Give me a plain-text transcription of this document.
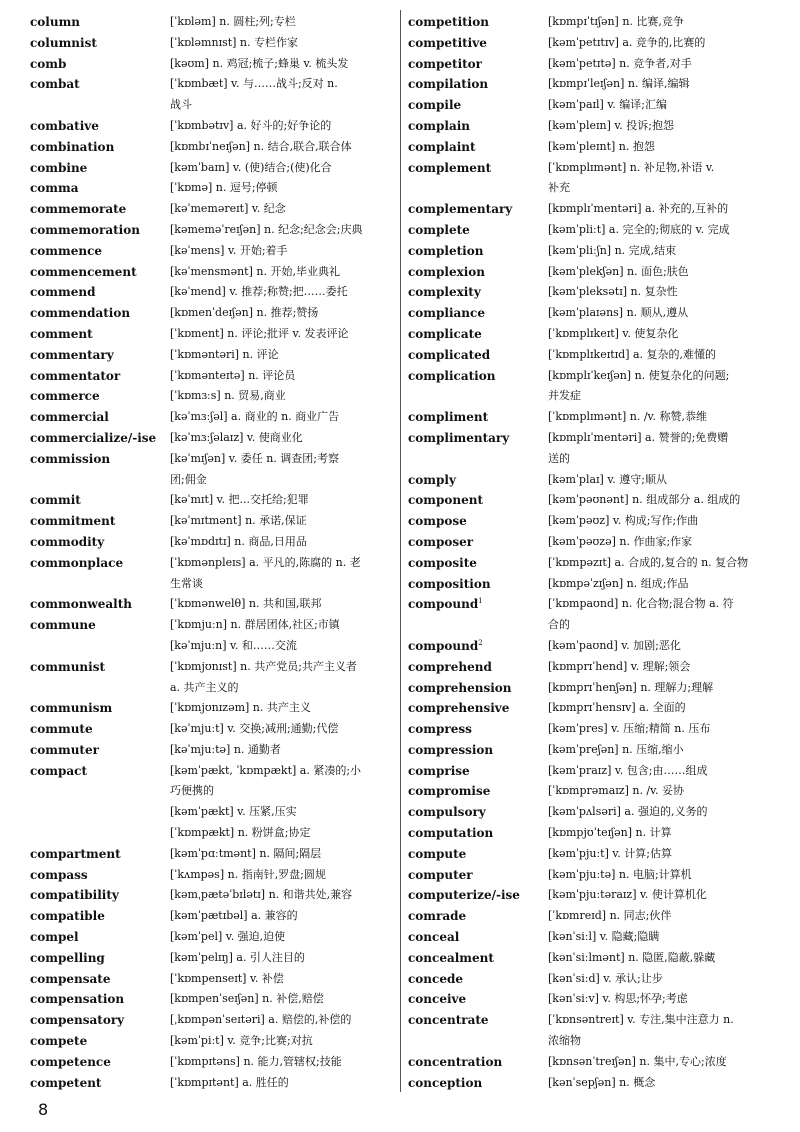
column	[ˈkɒləm] n. 圆柱;列;专栏
columnist	[ˈkɒləmnɪst] n. 专栏作家
comb	[kəʊm] n. 鸡冠;梳子;蜂巢 v. 梳头发
combat	[ˈkɒmbæt] v. 与……战斗;反对 n.
战斗
combative	[ˈkɒmbətɪv] a. 好斗的;好争论的
combination	[kɒmbɪˈneɪʃən] n. 结合,联合,联合体
combine	[kəmˈbaɪn] v. (使)结合;(使)化合
comma	[ˈkɒmə] n. 逗号;停顿
commemorate	[kəˈmeməreɪt] v. 纪念
commemoration	[kəmeməˈreɪʃən] n. 纪念;纪念会;庆典
commence	[kəˈmens] v. 开始;着手
commencement	[kəˈmensmənt] n. 开始,毕业典礼
commend	[kəˈmend] v. 推荐;称赞;把……委托
commendation	[kɒmenˈdeɪʃən] n. 推荐;赞扬
comment	[ˈkɒment] n. 评论;批评 v. 发表评论
commentary	[ˈkɒməntəri] n. 评论
commentator	[ˈkɒmənteɪtə] n. 评论员
commerce	[ˈkɒmɜːs] n. 贸易,商业
commercial	[kəˈmɜːʃəl] a. 商业的 n. 商业广告
commercialize/-ise	[kəˈmɜːʃəlaɪz] v. 使商业化
commission	[kəˈmɪʃən] v. 委任 n. 调查团;考察
团;佣金
commit	[kəˈmɪt] v. 把...交托给;犯罪
commitment	[kəˈmɪtmənt] n. 承诺,保证
commodity	[kəˈmɒdɪtɪ] n. 商品,日用品
commonplace	[ˈkɒmənpleɪs] a. 平凡的,陈腐的 n. 老
生常谈
commonwealth	[ˈkɒmənwelθ] n. 共和国,联邦
commune	[ˈkɒmjuːn] n. 群居团体,社区;市镇
[kəˈmjuːn] v. 和……交流
communist	[ˈkɒmjʊnɪst] n. 共产党员;共产主义者
a. 共产主义的
communism	[ˈkɒmjʊnɪzəm] n. 共产主义
commute	[kəˈmjuːt] v. 交换;减刑;通勤;代偿
commuter	[kəˈmjuːtə] n. 通勤者
compact	[kəmˈpækt, ˈkɒmpækt] a. 紧凑的;小
巧便携的
[kəmˈpækt] v. 压紧,压实
[ˈkɒmpækt] n. 粉饼盒;协定
compartment	[kəmˈpɑːtmənt] n. 隔间;隔层
compass	[ˈkʌmpəs] n. 指南针,罗盘;圆规
compatibility	[kəmˌpætəˈbɪlətɪ] n. 和谐共处,兼容
compatible	[kəmˈpætɪbəl] a. 兼容的
compel	[kəmˈpel] v. 强迫,迫使
compelling	[kəmˈpelɪŋ] a. 引人注目的
compensate	[ˈkɒmpenseɪt] v. 补偿
compensation	[kɒmpenˈseɪʃən] n. 补偿,赔偿
compensatory	[ˌkɒmpənˈseɪtəri] a. 赔偿的,补偿的
compete	[kəmˈpiːt] v. 竞争;比赛;对抗
competence	[ˈkɒmpɪtəns] n. 能力,管辖权;技能
competent	[ˈkɒmpɪtənt] a. 胜任的
competition	[kɒmpɪˈtɪʃən] n. 比赛,竞争
competitive	[kəmˈpetɪtɪv] a. 竞争的,比赛的
competitor	[kəmˈpetɪtə] n. 竞争者,对手
compilation	[kɒmpɪˈleɪʃən] n. 编译,编辑
compile	[kəmˈpaɪl] v. 编译;汇编
complain	[kəmˈpleɪn] v. 投诉;抱怨
complaint	[kəmˈpleɪnt] n. 抱怨
complement	[ˈkɒmplɪmənt] n. 补足物,补语 v.
补充
complementary	[kɒmplɪˈmentəri] a. 补充的,互补的
complete	[kəmˈpliːt] a. 完全的;彻底的 v. 完成
completion	[kəmˈpliːʃn] n. 完成,结束
complexion	[kəmˈplekʃən] n. 面色;肤色
complexity	[kəmˈpleksətɪ] n. 复杂性
compliance	[kəmˈplaɪəns] n. 顺从,遵从
complicate	[ˈkɒmplɪkeɪt] v. 使复杂化
complicated	[ˈkɒmplɪkeɪtɪd] a. 复杂的,难懂的
complication	[kɒmplɪˈkeɪʃən] n. 使复杂化的问题;
并发症
compliment	[ˈkɒmplɪmənt] n. /v. 称赞,恭维
complimentary	[kɒmplɪˈmentəri] a. 赞誉的;免费赠
送的
comply	[kəmˈplaɪ] v. 遵守;顺从
component	[kəmˈpəʊnənt] n. 组成部分 a. 组成的
compose	[kəmˈpəʊz] v. 构成;写作;作曲
composer	[kəmˈpəʊzə] n. 作曲家;作家
composite	[ˈkɒmpəzɪt] a. 合成的,复合的 n. 复合物
composition	[kɒmpəˈzɪʃən] n. 组成;作品
compound$^1$	[ˈkɒmpaʊnd] n. 化合物;混合物 a. 符
合的
compound$^2$	[kəmˈpaʊnd] v. 加剧;恶化
comprehend	[kɒmprɪˈhend] v. 理解;领会
comprehension	[kɒmprɪˈhenʃən] n. 理解力;理解
comprehensive	[kɒmprɪˈhensɪv] a. 全面的
compress	[kəmˈpres] v. 压缩;精简 n. 压布
compression	[kəmˈpreʃən] n. 压缩,缩小
comprise	[kəmˈpraɪz] v. 包含;由……组成
compromise	[ˈkɒmprəmaɪz] n. /v. 妥协
compulsory	[kəmˈpʌlsəri] a. 强迫的,义务的
computation	[kɒmpjʊˈteɪʃən] n. 计算
compute	[kəmˈpjuːt] v. 计算;估算
computer	[kəmˈpjuːtə] n. 电脑;计算机
computerize/-ise	[kəmˈpjuːtəraɪz] v. 使计算机化
comrade	[ˈkɒmreɪd] n. 同志;伙伴
conceal	[kənˈsiːl] v. 隐藏;隐瞒
concealment	[kənˈsiːlmənt] n. 隐匿,隐蔽,躲藏
concede	[kənˈsiːd] v. 承认;让步
conceive	[kənˈsiːv] v. 构思;怀孕;考虑
concentrate	[ˈkɒnsəntreɪt] v. 专注,集中注意力 n.
浓缩物
concentration	[kɒnsənˈtreɪʃən] n. 集中,专心;浓度
conception	[kənˈsepʃən] n. 概念
8
